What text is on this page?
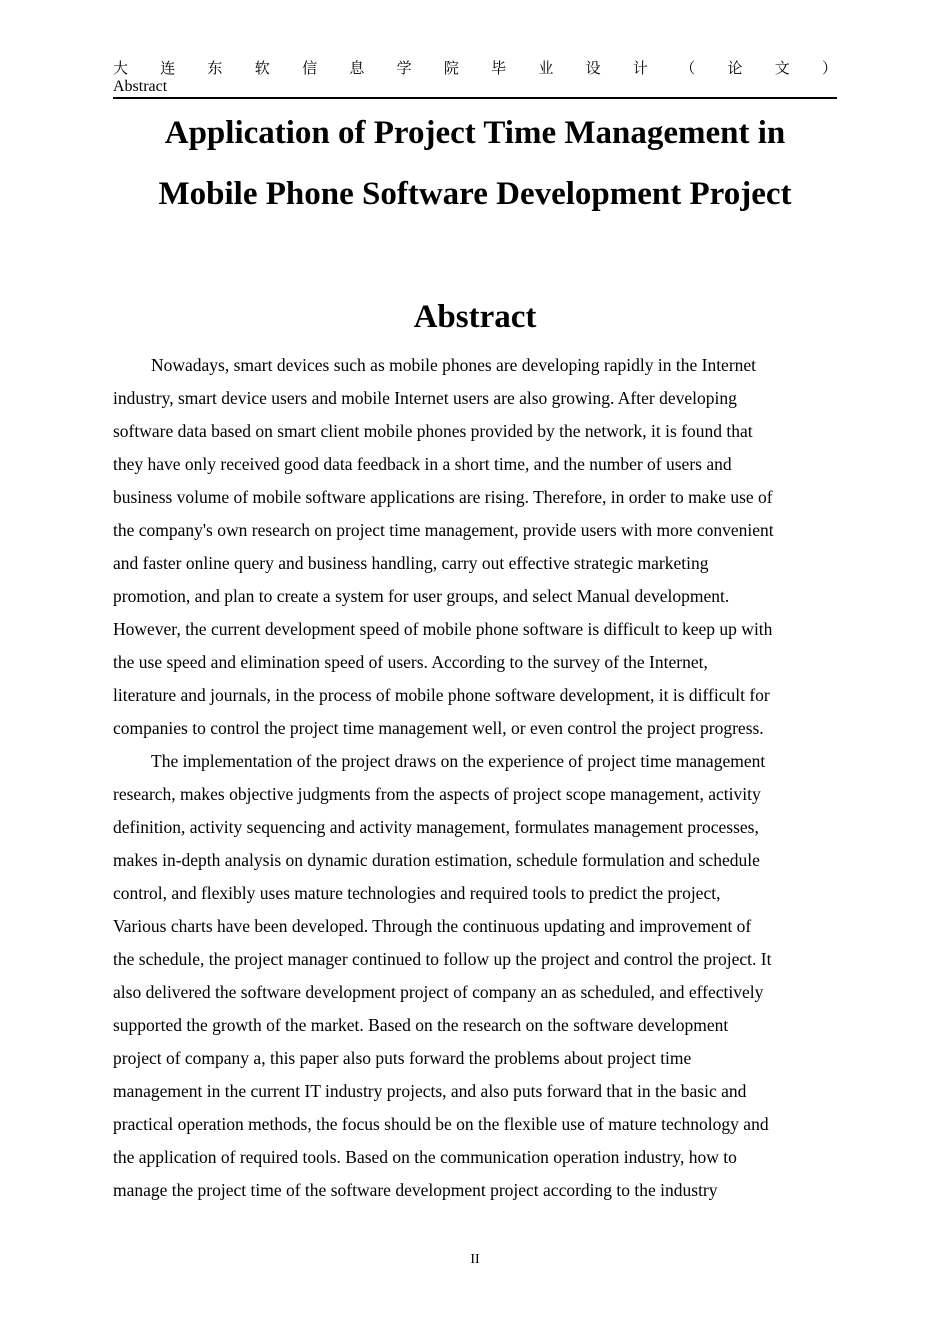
大 连 东 软 信 息 学 院 毕 业 设 计 （ 论 文 ）
Abstract
Application of Project Time Management in
Mobile Phone Software Development Project
Abstract
Nowadays, smart devices such as mobile phones are developing rapidly in the Internet
industry, smart device users and mobile Internet users are also growing. After developing
software data based on smart client mobile phones provided by the network, it is found that
they have only received good data feedback in a short time, and the number of users and
business volume of mobile software applications are rising. Therefore, in order to make use of
the company's own research on project time management, provide users with more convenient
and faster online query and business handling, carry out effective strategic marketing
promotion, and plan to create a system for user groups, and select Manual development.
However, the current development speed of mobile phone software is difficult to keep up with
the use speed and elimination speed of users. According to the survey of the Internet,
literature and journals, in the process of mobile phone software development, it is difficult for
companies to control the project time management well, or even control the project progress.
The implementation of the project draws on the experience of project time management
research, makes objective judgments from the aspects of project scope management, activity
definition, activity sequencing and activity management, formulates management processes,
makes in-depth analysis on dynamic duration estimation, schedule formulation and schedule
control, and flexibly uses mature technologies and required tools to predict the project,
Various charts have been developed. Through the continuous updating and improvement of
the schedule, the project manager continued to follow up the project and control the project. It
also delivered the software development project of company an as scheduled, and effectively
supported the growth of the market. Based on the research on the software development
project of company a, this paper also puts forward the problems about project time
management in the current IT industry projects, and also puts forward that in the basic and
practical operation methods, the focus should be on the flexible use of mature technology and
the application of required tools. Based on the communication operation industry, how to
manage the project time of the software development project according to the industry
II
